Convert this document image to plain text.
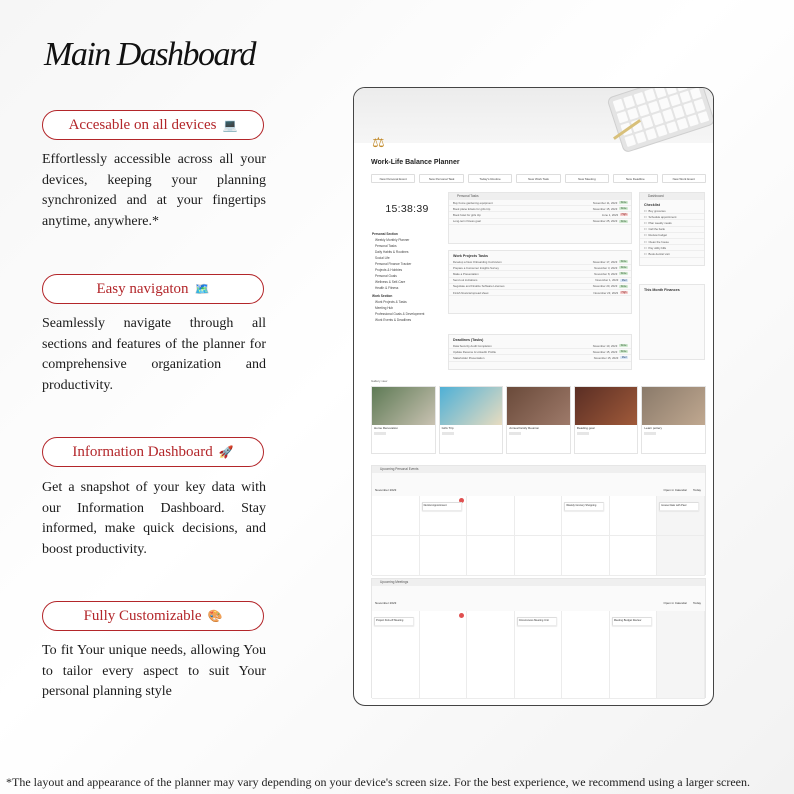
Main Dashboard
Accesable on all devices 💻
Effortlessly accessible across all your devices, keeping your planning synchronized and at your fingertips anytime, anywhere.*
Easy navigaton 🗺️
Seamlessly navigate through all sections and features of the planner for comprehensive organization and productivity.
Information Dashboard 🚀
Get a snapshot of your key data with our Information Dashboard. Stay informed, make quick decisions, and boost productivity.
Fully Customizable 🎨
To fit Your unique needs, allowing You to tailor every aspect to suit Your personal planning style
*The layout and appearance of the planner may vary depending on your device's screen size. For the best experience, we recommend using a larger screen.
⚖
Work-Life Balance Planner
New Personal Event	New Personal Task	Today's Routine	New Work Task	New Meeting	New Deadline	New Work Event
15:38:39
Personal Section
Weekly Monthly Planner
Personal Tasks
Daily Habits & Routines
Social Life
Personal Finance Tracker
Projects & Hobbies
Personal Goals
Wellness & Self-Care
Health & Fitness
Work Section
Work Projects & Tasks
Meeting Hub
Professional Goals & Development
Work Events & Deadlines
Personal Tasks
Buy home gardening equipment	November 11, 2023	Done
Book plane tickets for girls trip	November 15, 2023	Done
Book hotel for girls trip	June 1, 2023	High
Long-term fitness goal	November 25, 2023	Done
Work Projects Tasks
Develop a New Onboarding Curriculum	November 17, 2023	Done
Prepare a Consumer Insights Survey	November 3, 2023	Done
Make a Presentation	November 8, 2023	Done
Send out invitations	November 1, 2023	Med
Negotiate and Finalize Software Licenses	November 20, 2023	Done
Finish financial spread sheet	November 23, 2023	High
Deadlines (Tasks)
Data Security Audit Completion	November 10, 2023	Done
Update Resume & LinkedIn Profile	November 15, 2023	Done
Stakeholder Presentation	November 15, 2023	Med
Dashboard
Checklist
☐ Buy groceries
☐ Schedule appointment
☐ Plan weekly meals
☐ Call the bank
☐ Review budget
☐ Clean the house
☐ Pay utility bills
☐ Book dentist visit
This Month Finances
Gallery view
Home Renovation	Girls Trip	Annual family Reunion	Reading goal	Learn pottery
Upcoming Personal Events
November 2023	Open in Calendar Today
Dentist Appointment	Weekly Grocery Shopping	House Date with Paul
Upcoming Meetings
November 2023	Open in Calendar Today
Project Kick-off Meeting	Occurrences Meeting Unit	Meeting Budget Review
